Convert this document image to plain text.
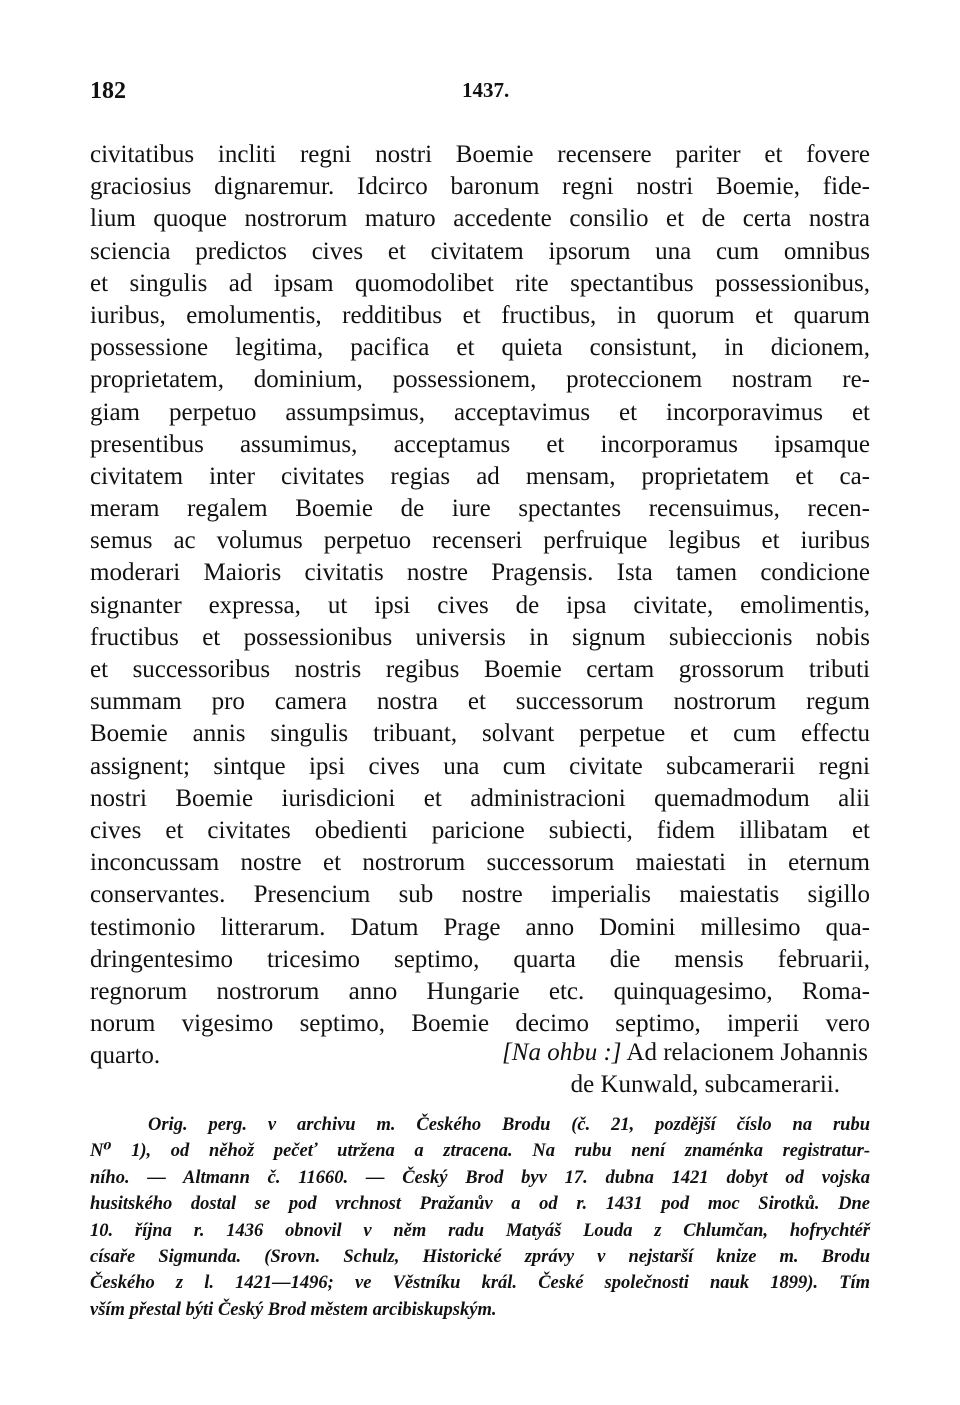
182	1437.
civitatibus incliti regni nostri Boemie recensere pariter et fovere
graciosius dignaremur. Idcirco baronum regni nostri Boemie, fide-
lium quoque nostrorum maturo accedente consilio et de certa nostra
sciencia predictos cives et civitatem ipsorum una cum omnibus
et singulis ad ipsam quomodolibet rite spectantibus possessionibus,
iuribus, emolumentis, redditibus et fructibus, in quorum et quarum
possessione legitima, pacifica et quieta consistunt, in dicionem,
proprietatem, dominium, possessionem, proteccionem nostram re-
giam perpetuo assumpsimus, acceptavimus et incorporavimus et
presentibus assumimus, acceptamus et incorporamus ipsamque
civitatem inter civitates regias ad mensam, proprietatem et ca-
meram regalem Boemie de iure spectantes recensuimus, recen-
semus ac volumus perpetuo recenseri perfruique legibus et iuribus
moderari Maioris civitatis nostre Pragensis. Ista tamen condicione
signanter expressa, ut ipsi cives de ipsa civitate, emolimentis,
fructibus et possessionibus universis in signum subieccionis nobis
et successoribus nostris regibus Boemie certam grossorum tributi
summam pro camera nostra et successorum nostrorum regum
Boemie annis singulis tribuant, solvant perpetue et cum effectu
assignent; sintque ipsi cives una cum civitate subcamerarii regni
nostri Boemie iurisdicioni et administracioni quemadmodum alii
cives et civitates obedienti paricione subiecti, fidem illibatam et
inconcussam nostre et nostrorum successorum maiestati in eternum
conservantes. Presencium sub nostre imperialis maiestatis sigillo
testimonio litterarum. Datum Prage anno Domini millesimo qua-
dringentesimo tricesimo septimo, quarta die mensis februarii,
regnorum nostrorum anno Hungarie etc. quinquagesimo, Roma-
norum vigesimo septimo, Boemie decimo septimo, imperii vero
quarto.	[Na ohbu :] Ad relacionem Johannis
de Kunwald, subcamerarii.
Orig. perg. v archivu m. Českého Brodu (č. 21, pozdější číslo na rubu
N⁰ 1), od něhož pečeť utržena a ztracena. Na rubu není znaménka registratur-
ního. — Altmann č. 11660. — Český Brod byv 17. dubna 1421 dobyt od vojska
husitského dostal se pod vrchnost Pražanův a od r. 1431 pod moc Sirotků. Dne
10. října r. 1436 obnovil v něm radu Matyáš Louda z Chlumčan, hofrychtéř
císaře Sigmunda. (Srovn. Schulz, Historické zprávy v nejstarší knize m. Brodu
Českého z l. 1421—1496; ve Věstníku král. České společnosti nauk 1899). Tím
vším přestal býti Český Brod městem arcibiskupským.
